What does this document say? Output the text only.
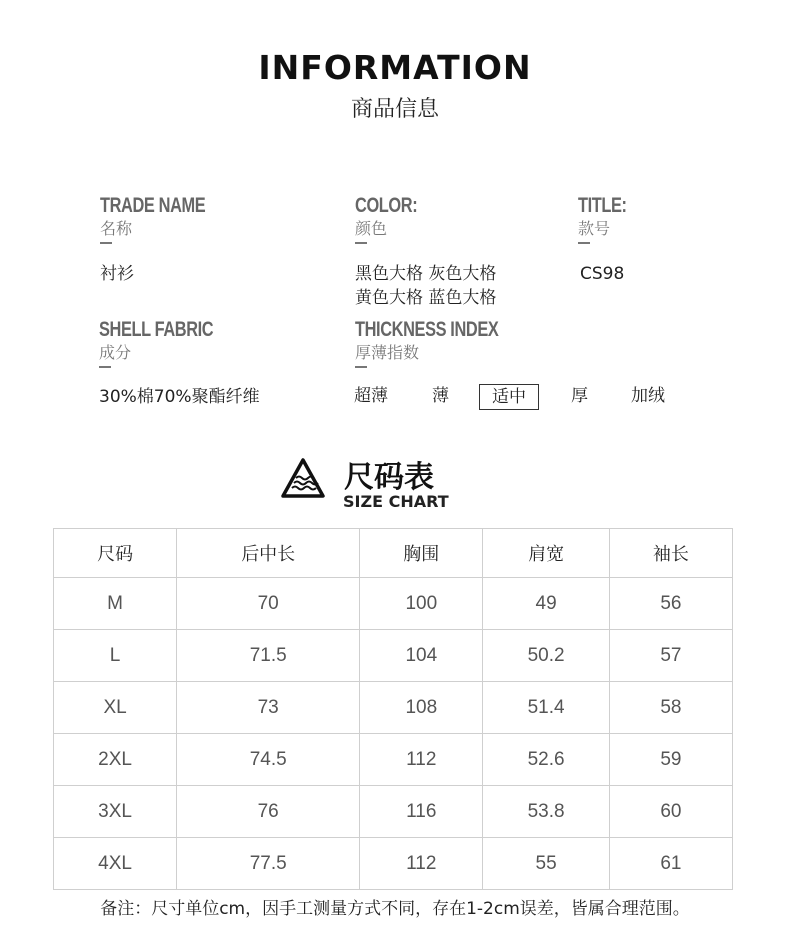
INFORMATION
商品信息
TRADE NAME
名称
衬衫
COLOR:
颜色
黑色大格 灰色大格
黄色大格 蓝色大格
TITLE:
款号
CS98
SHELL FABRIC
成分
30%棉70%聚酯纤维
THICKNESS INDEX
厚薄指数
超薄	薄	适中	厚	加绒
尺码表
SIZE CHART
尺码	后中长	胸围	肩宽	袖长
M	70	100	49	56
L	71.5	104	50.2	57
XL	73	108	51.4	58
2XL	74.5	112	52.6	59
3XL	76	116	53.8	60
4XL	77.5	112	55	61
备注：尺寸单位cm，因手工测量方式不同，存在1-2cm误差，皆属合理范围。
